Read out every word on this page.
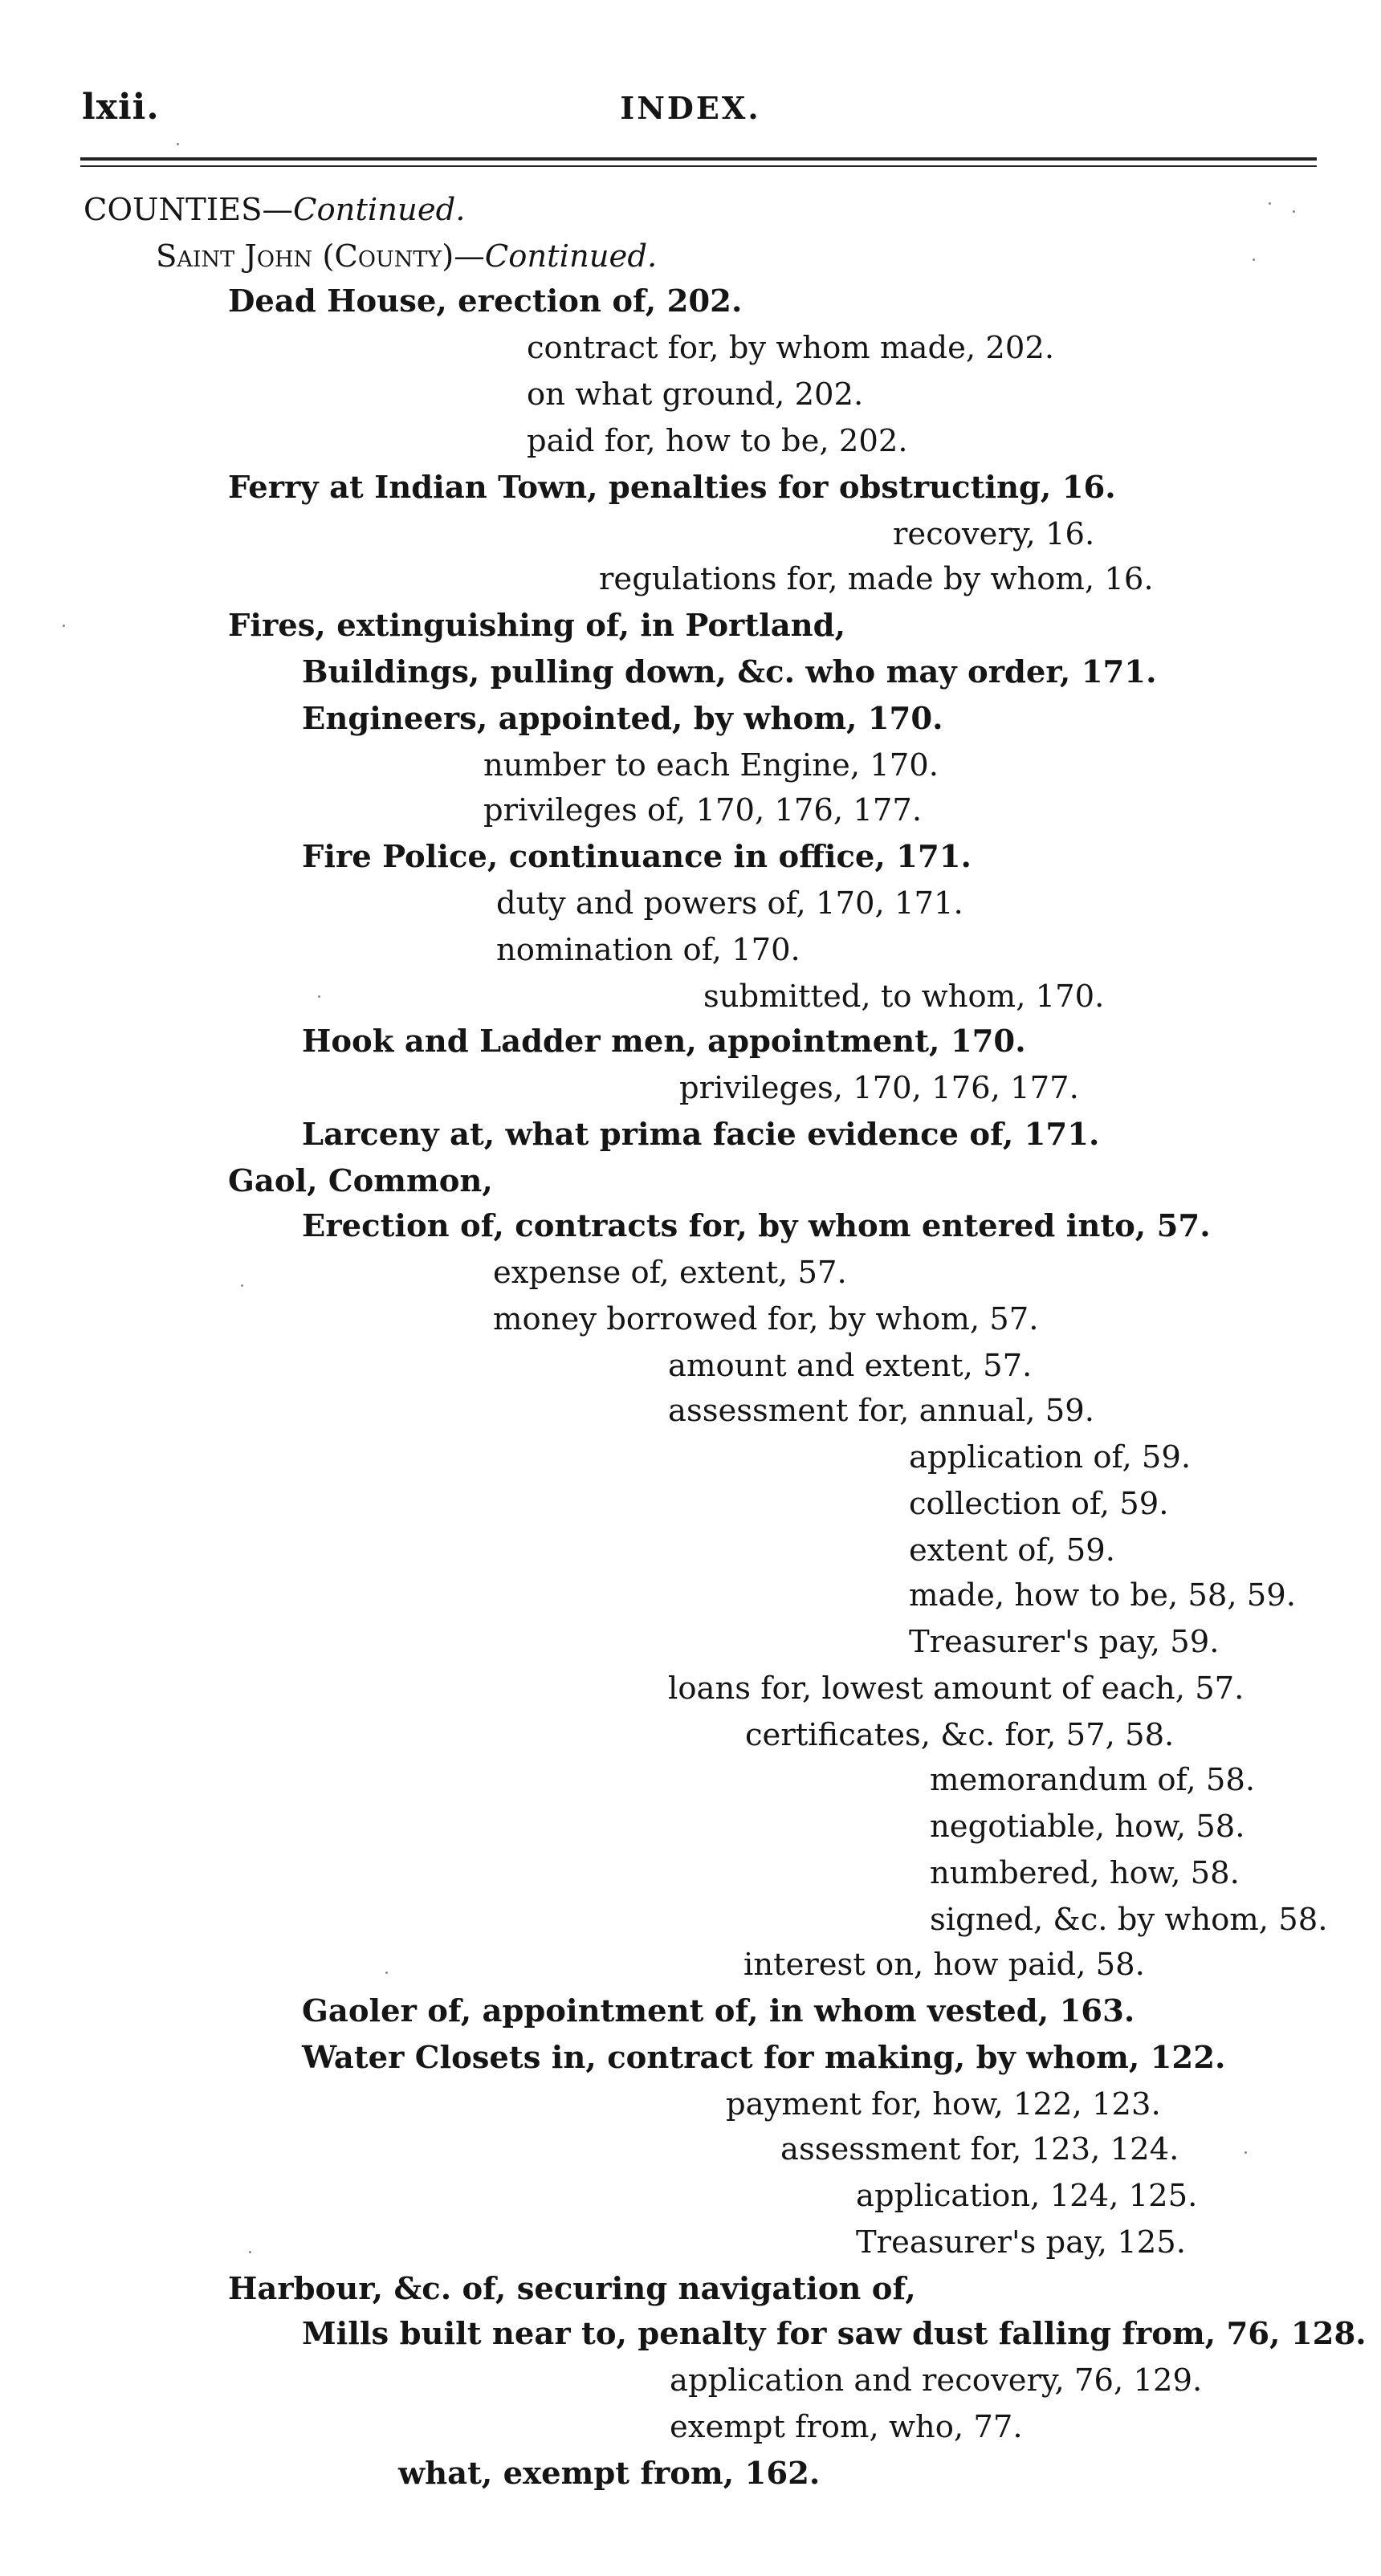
lxii.	INDEX.
COUNTIES—Continued.
Saint John (County)—Continued.
Dead House, erection of, 202.
contract for, by whom made, 202.
on what ground, 202.
paid for, how to be, 202.
Ferry at Indian Town, penalties for obstructing, 16.
recovery, 16.
regulations for, made by whom, 16.
Fires, extinguishing of, in Portland,
Buildings, pulling down, &c. who may order, 171.
Engineers, appointed, by whom, 170.
number to each Engine, 170.
privileges of, 170, 176, 177.
Fire Police, continuance in office, 171.
duty and powers of, 170, 171.
nomination of, 170.
submitted, to whom, 170.
Hook and Ladder men, appointment, 170.
privileges, 170, 176, 177.
Larceny at, what prima facie evidence of, 171.
Gaol, Common,
Erection of, contracts for, by whom entered into, 57.
expense of, extent, 57.
money borrowed for, by whom, 57.
amount and extent, 57.
assessment for, annual, 59.
application of, 59.
collection of, 59.
extent of, 59.
made, how to be, 58, 59.
Treasurer's pay, 59.
loans for, lowest amount of each, 57.
certificates, &c. for, 57, 58.
memorandum of, 58.
negotiable, how, 58.
numbered, how, 58.
signed, &c. by whom, 58.
interest on, how paid, 58.
Gaoler of, appointment of, in whom vested, 163.
Water Closets in, contract for making, by whom, 122.
payment for, how, 122, 123.
assessment for, 123, 124.
application, 124, 125.
Treasurer's pay, 125.
Harbour, &c. of, securing navigation of,
Mills built near to, penalty for saw dust falling from, 76, 128.
application and recovery, 76, 129.
exempt from, who, 77.
what, exempt from, 162.
